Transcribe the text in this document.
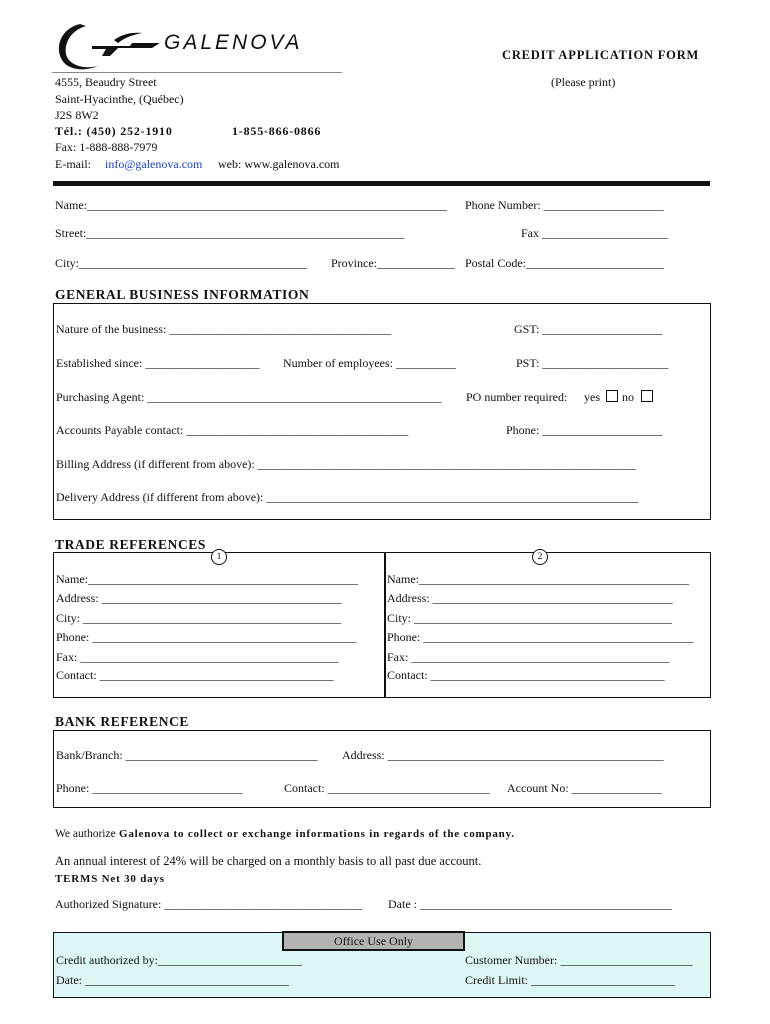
GALENOVA
CREDIT APPLICATION FORM
(Please print)
4555, Beaudry Street
Saint-Hyacinthe, (Québec)
J2S 8W2
Tél.: (450) 252-1910	1-855-866-0866
Fax: 1-888-888-7979
E-mail: info@galenova.com web: www.galenova.com
Name:____________________________________________________________ Phone Number: ____________________
Street:_____________________________________________________	Fax _____________________
City:______________________________________ Province:_____________ Postal Code:_______________________
GENERAL BUSINESS INFORMATION
Nature of the business: _____________________________________	GST: ____________________
Established since: ___________________ Number of employees: __________	PST: _____________________
Purchasing Agent: _________________________________________________ PO number required: yes no
Accounts Payable contact: _____________________________________	Phone: ____________________
Billing Address (if different from above): _______________________________________________________________
Delivery Address (if different from above): ______________________________________________________________
TRADE REFERENCES
1	2
Name:_____________________________________________
Address: ________________________________________
City: ___________________________________________
Phone: ____________________________________________
Fax: ___________________________________________
Contact: _______________________________________
Name:_____________________________________________
Address: ________________________________________
City: ___________________________________________
Phone: _____________________________________________
Fax: ___________________________________________
Contact: _______________________________________
BANK REFERENCE
Bank/Branch: ________________________________ Address: ______________________________________________
Phone: _________________________	Contact: ___________________________ Account No: _______________
We authorize Galenova to collect or exchange informations in regards of the company.
An annual interest of 24% will be charged on a monthly basis to all past due account.
TERMS Net 30 days
Authorized Signature: _________________________________ Date : __________________________________________
Office Use Only
Credit authorized by:________________________	Customer Number: ______________________
Date: __________________________________	Credit Limit: ________________________
